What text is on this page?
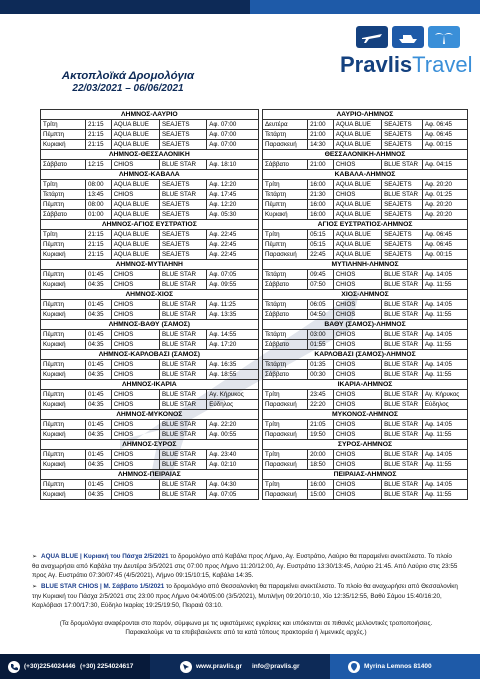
PravlisTravel
Ακτοπλοϊκά Δρομολόγια
22/03/2021 – 06/06/2021
ΛΗΜΝΟΣ-ΛΑΥΡΙΟ						ΛΑΥΡΙΟ-ΛΗΜΝΟΣ				
Τρίτη	21:15	AQUA BLUE	SEAJETS	Αφ. 07:00		Δευτέρα	21:00	AQUA BLUE	SEAJETS	Αφ. 06:45
Πέμπτη	21:15	AQUA BLUE	SEAJETS	Αφ. 07:00		Τετάρτη	21:00	AQUA BLUE	SEAJETS	Αφ. 06:45
Κυριακή	21:15	AQUA BLUE	SEAJETS	Αφ. 07:00		Παρασκευή	14:30	AQUA BLUE	SEAJETS	Αφ. 00:15
ΛΗΜΝΟΣ-ΘΕΣΣΑΛΟΝΙΚΗ						ΘΕΣΣΑΛΟΝΙΚΗ-ΛΗΜΝΟΣ				
Σάββατο	12:15	CHIOS	BLUE STAR	Αφ. 18:10		Σάββατο	21:00	CHIOS	BLUE STAR	Αφ. 04:15
ΛΗΜΝΟΣ-ΚΑΒΑΛΑ						ΚΑΒΑΛΑ-ΛΗΜΝΟΣ				
Τρίτη	08:00	AQUA BLUE	SEAJETS	Αφ. 12:20		Τρίτη	16:00	AQUA BLUE	SEAJETS	Αφ. 20:20
Τετάρτη	13:45	CHIOS	BLUE STAR	Αφ. 17:45		Τετάρτη	21:30	CHIOS	BLUE STAR	Αφ. 01:25
Πέμπτη	08:00	AQUA BLUE	SEAJETS	Αφ. 12:20		Πέμπτη	16:00	AQUA BLUE	SEAJETS	Αφ. 20:20
Σάββατο	01:00	AQUA BLUE	SEAJETS	Αφ. 05:30		Κυριακή	16:00	AQUA BLUE	SEAJETS	Αφ. 20:20
ΛΗΜΝΟΣ-ΑΓΙΟΣ ΕΥΣΤΡΑΤΙΟΣ						ΑΓΙΟΣ ΕΥΣΤΡΑΤΙΟΣ-ΛΗΜΝΟΣ				
Τρίτη	21:15	AQUA BLUE	SEAJETS	Αφ. 22:45		Τρίτη	05:15	AQUA BLUE	SEAJETS	Αφ. 06:45
Πέμπτη	21:15	AQUA BLUE	SEAJETS	Αφ. 22:45		Πέμπτη	05:15	AQUA BLUE	SEAJETS	Αφ. 06:45
Κυριακή	21:15	AQUA BLUE	SEAJETS	Αφ. 22:45		Παρασκευή	22:45	AQUA BLUE	SEAJETS	Αφ. 00:15
ΛΗΜΝΟΣ-ΜΥΤΙΛΗΝΗ						ΜΥΤΙΛΗΝΗ-ΛΗΜΝΟΣ				
Πέμπτη	01:45	CHIOS	BLUE STAR	Αφ. 07:05		Τετάρτη	09:45	CHIOS	BLUE STAR	Αφ. 14:05
Κυριακή	04:35	CHIOS	BLUE STAR	Αφ. 09:55		Σάββατο	07:50	CHIOS	BLUE STAR	Αφ. 11:55
ΛΗΜΝΟΣ-ΧΙΟΣ						ΧΙΟΣ-ΛΗΜΝΟΣ				
Πέμπτη	01:45	CHIOS	BLUE STAR	Αφ. 11:25		Τετάρτη	06:05	CHIOS	BLUE STAR	Αφ. 14:05
Κυριακή	04:35	CHIOS	BLUE STAR	Αφ. 13:35		Σάββατο	04:50	CHIOS	BLUE STAR	Αφ. 11:55
ΛΗΜΝΟΣ-ΒΑΘΥ (ΣΑΜΟΣ)						ΒΑΘΥ (ΣΑΜΟΣ)-ΛΗΜΝΟΣ				
Πέμπτη	01:45	CHIOS	BLUE STAR	Αφ. 14:55		Τετάρτη	03:00	CHIOS	BLUE STAR	Αφ. 14:05
Κυριακή	04:35	CHIOS	BLUE STAR	Αφ. 17:20		Σάββατο	01:55	CHIOS	BLUE STAR	Αφ. 11:55
ΛΗΜΝΟΣ-ΚΑΡΛΟΒΑΣΙ (ΣΑΜΟΣ)						ΚΑΡΛΟΒΑΣΙ (ΣΑΜΟΣ)-ΛΗΜΝΟΣ				
Πέμπτη	01:45	CHIOS	BLUE STAR	Αφ. 16:35		Τετάρτη	01:35	CHIOS	BLUE STAR	Αφ. 14:05
Κυριακή	04:35	CHIOS	BLUE STAR	Αφ. 18:55		Σάββατο	00:30	CHIOS	BLUE STAR	Αφ. 11:55
ΛΗΜΝΟΣ-ΙΚΑΡΙΑ						ΙΚΑΡΙΑ-ΛΗΜΝΟΣ				
Πέμπτη	01:45	CHIOS	BLUE STAR	Αγ. Κήρυκος		Τρίτη	23:45	CHIOS	BLUE STAR	Αγ. Κήρυκος
Κυριακή	04:35	CHIOS	BLUE STAR	Εύδηλος		Παρασκευή	22:20	CHIOS	BLUE STAR	Εύδηλος
ΛΗΜΝΟΣ-ΜΥΚΟΝΟΣ						ΜΥΚΟΝΟΣ-ΛΗΜΝΟΣ				
Πέμπτη	01:45	CHIOS	BLUE STAR	Αφ. 22:20		Τρίτη	21:05	CHIOS	BLUE STAR	Αφ. 14:05
Κυριακή	04:35	CHIOS	BLUE STAR	Αφ. 00:55		Παρασκευή	19:50	CHIOS	BLUE STAR	Αφ. 11:55
ΛΗΜΝΟΣ-ΣΥΡΟΣ						ΣΥΡΟΣ-ΛΗΜΝΟΣ				
Πέμπτη	01:45	CHIOS	BLUE STAR	Αφ. 23:40		Τρίτη	20:00	CHIOS	BLUE STAR	Αφ. 14:05
Κυριακή	04:35	CHIOS	BLUE STAR	Αφ. 02:10		Παρασκευή	18:50	CHIOS	BLUE STAR	Αφ. 11:55
ΛΗΜΝΟΣ-ΠΕΙΡΑΙΑΣ						ΠΕΙΡΑΙΑΣ-ΛΗΜΝΟΣ				
Πέμπτη	01:45	CHIOS	BLUE STAR	Αφ. 04:30		Τρίτη	16:00	CHIOS	BLUE STAR	Αφ. 14:05
Κυριακή	04:35	CHIOS	BLUE STAR	Αφ. 07:05		Παρασκευή	15:00	CHIOS	BLUE STAR	Αφ. 11:55

➢ AQUA BLUE | Κυριακή του Πάσχα 2/5/2021 το δρομολόγιο από Καβάλα προς Λήμνο, Αγ. Ευστράτιο, Λαύριο θα παραμείνει ανεκτέλεστο. Το πλοίο θα αναχωρήσει από Καβάλα την Δευτέρα 3/5/2021 στις 07:00 προς Λήμνο 11:20/12:00, Αγ. Ευστράτιο 13:30/13:45, Λαύριο 21:45. Από Λαύριο στις 23:55 προς Αγ. Ευστράτιο 07:30/07:45 (4/5/2021), Λήμνο 09:15/10:15, Καβάλα 14:35.

➢ BLUE STAR CHIOS | Μ. Σάββατο 1/5/2021 το δρομολόγιο από Θεσσαλονίκη θα παραμείνει ανεκτέλεστο. Το πλοίο θα αναχωρήσει από Θεσσαλονίκη την Κυριακή του Πάσχα 2/5/2021 στις 23:00 προς Λήμνο 04:40/05:00 (3/5/2021), Μυτιλήνη 09:20/10:10, Χίο 12:35/12:55, Βαθύ Σάμου 15:40/16:20, Καρλόβασι 17:00/17:30, Εύδηλο Ικαρίας 19:25/19:50, Πειραιά 03:10.

(Τα δρομολόγια αναφέρονται στο παρόν, σύμφωνα με τις υφιστάμενες εγκρίσεις και υπόκεινται σε πιθανές μελλοντικές τροποποιήσεις. Παρακαλούμε να τα επιβεβαιώνετε από τα κατά τόπους πρακτορεία ή λιμενικές αρχές.)
(+30)2254024446 (+30) 2254024617	www.pravlis.gr info@pravlis.gr	Myrina Lemnos 81400
